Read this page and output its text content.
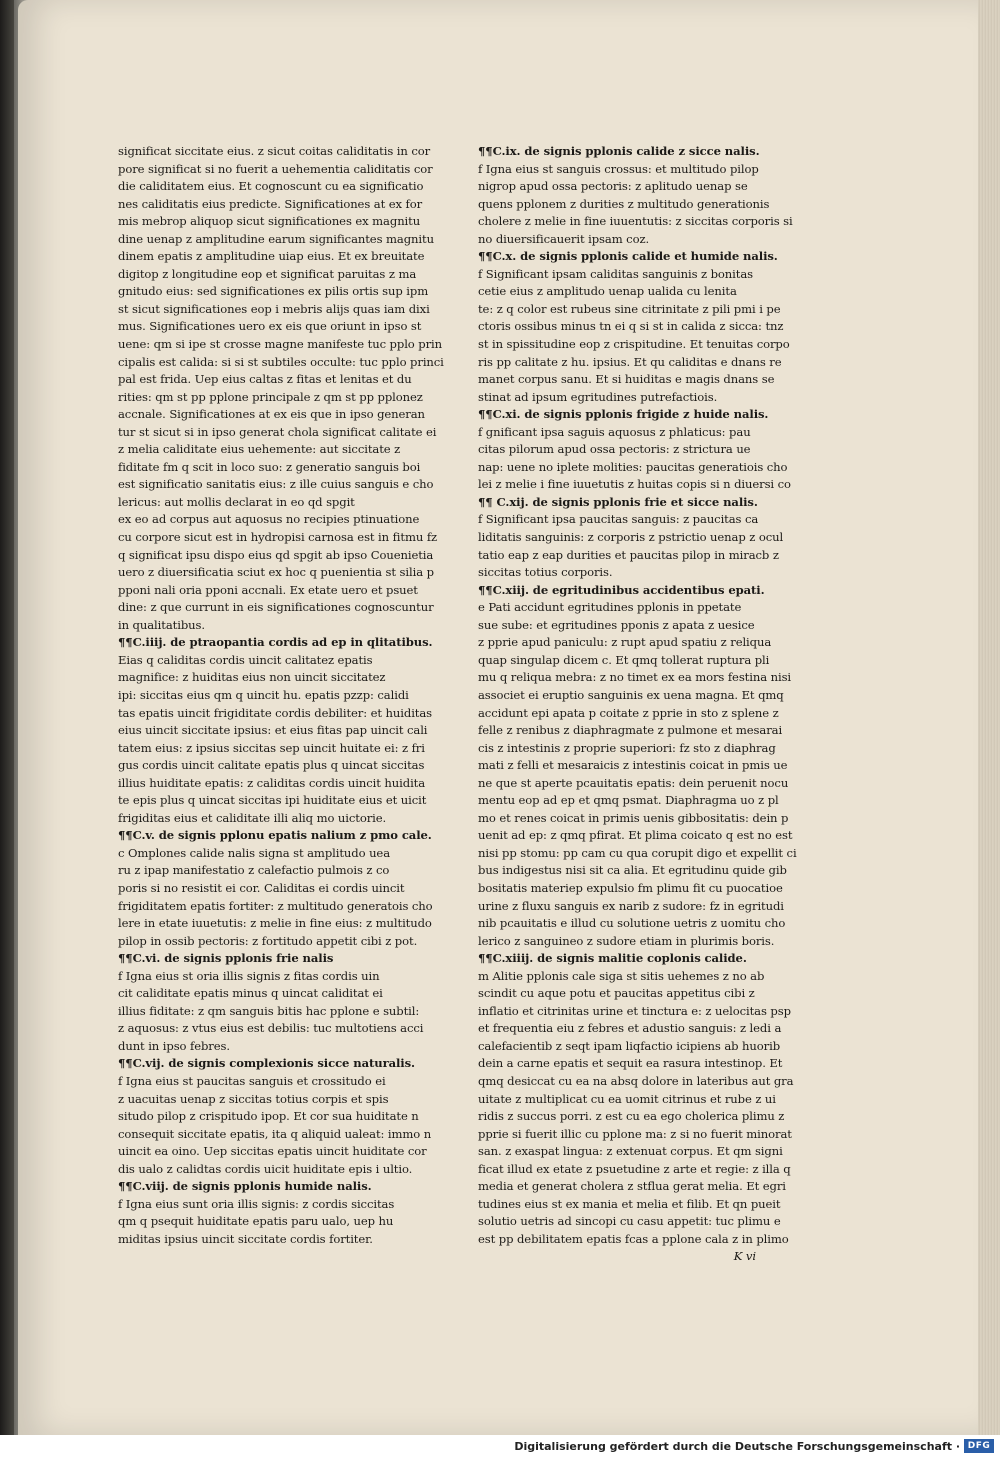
significat siccitate eius. z sicut coitas caliditatis in cor
pore significat si no fuerit a uehementia caliditatis cor
die caliditatem eius. Et cognoscunt cu ea significatio
nes caliditatis eius predicte. Significationes at ex for
mis mebrop aliquop sicut significationes ex magnitu
dine uenap z amplitudine earum significantes magnitu
dinem epatis z amplitudine uiap eius. Et ex breuitate
digitop z longitudine eop et significat paruitas z ma
gnitudo eius: sed significationes ex pilis ortis sup ipm
st sicut significationes eop i mebris alijs quas iam dixi
mus. Significationes uero ex eis que oriunt in ipso st
uene: qm si ipe st crosse magne manifeste tuc pplo prin
cipalis est calida: si si st subtiles occulte: tuc pplo princi
pal est frida. Uep eius caltas z fitas et lenitas et du
rities: qm st pp pplone principale z qm st pp pplonez
accnale. Significationes at ex eis que in ipso generan
tur st sicut si in ipso generat chola significat calitate ei
z melia caliditate eius uehemente: aut siccitate z
fiditate fm q scit in loco suo: z generatio sanguis boi
est significatio sanitatis eius: z ille cuius sanguis e cho
lericus: aut mollis declarat in eo qd spgit
ex eo ad corpus aut aquosus no recipies ptinuatione
cu corpore sicut est in hydropisi carnosa est in fitmu fz
q significat ipsu dispo eius qd spgit ab ipso Couenietia
uero z diuersificatia sciut ex hoc q puenientia st silia p
pponi nali oria pponi accnali. Ex etate uero et psuet
dine: z que currunt in eis significationes cognoscuntur
in qualitatibus.
¶¶ C.iiij. de ptraopantia cordis ad ep in qlitatibus.
Eias q caliditas cordis uincit calitatez epatis
magnifice: z huiditas eius non uincit siccitatez
ipi: siccitas eius qm q uincit hu. epatis pzzp: calidi
tas epatis uincit frigiditate cordis debiliter: et huiditas
eius uincit siccitate ipsius: et eius fitas pap uincit cali
tatem eius: z ipsius siccitas sep uincit huitate ei: z fri
gus cordis uincit calitate epatis plus q uincat siccitas
illius huiditate epatis: z caliditas cordis uincit huidita
te epis plus q uincat siccitas ipi huiditate eius et uicit
frigiditas eius et caliditate illi aliq mo uictorie.
¶¶ C.v. de signis pplonu epatis nalium z pmo cale.
c Omplones calide nalis signa st amplitudo uea
ru z ipap manifestatio z calefactio pulmois z co
poris si no resistit ei cor. Caliditas ei cordis uincit
frigiditatem epatis fortiter: z multitudo generatois cho
lere in etate iuuetutis: z melie in fine eius: z multitudo
pilop in ossib pectoris: z fortitudo appetit cibi z pot.
¶¶ C.vi. de signis pplonis frie nalis
f Igna eius st oria illis signis z fitas cordis uin
cit caliditate epatis minus q uincat caliditat ei
illius fiditate: z qm sanguis bitis hac pplone e subtil:
z aquosus: z vtus eius est debilis: tuc multotiens acci
dunt in ipso febres.
¶¶ C.vij. de signis complexionis sicce naturalis.
f Igna eius st paucitas sanguis et crossitudo ei
z uacuitas uenap z siccitas totius corpis et spis
situdo pilop z crispitudo ipop. Et cor sua huiditate n
consequit siccitate epatis, ita q aliquid ualeat: immo n
uincit ea oino. Uep siccitas epatis uincit huiditate cor
dis ualo z calidtas cordis uicit huiditate epis i ultio.
¶¶ C.viij. de signis pplonis humide nalis.
f Igna eius sunt oria illis signis: z cordis siccitas
qm q psequit huiditate epatis paru ualo, uep hu
miditas ipsius uincit siccitate cordis fortiter.
¶¶ C.ix. de signis pplonis calide z sicce nalis.
f Igna eius st sanguis crossus: et multitudo pilop
nigrop apud ossa pectoris: z aplitudo uenap se
quens pplonem z durities z multitudo generationis
cholere z melie in fine iuuentutis: z siccitas corporis si
no diuersificauerit ipsam coz.
¶¶ C.x. de signis pplonis calide et humide nalis.
f Significant ipsam caliditas sanguinis z bonitas
cetie eius z amplitudo uenap ualida cu lenita
te: z q color est rubeus sine citrinitate z pili pmi i pe
ctoris ossibus minus tn ei q si st in calida z sicca: tnz
st in spissitudine eop z crispitudine. Et tenuitas corpo
ris pp calitate z hu. ipsius. Et qu caliditas e dnans re
manet corpus sanu. Et si huiditas e magis dnans se
stinat ad ipsum egritudines putrefactiois.
¶¶ C.xi. de signis pplonis frigide z huide nalis.
f gnificant ipsa saguis aquosus z phlaticus: pau
citas pilorum apud ossa pectoris: z strictura ue
nap: uene no iplete molities: paucitas generatiois cho
lei z melie i fine iuuetutis z huitas copis si n diuersi co
¶¶ C.xij. de signis pplonis frie et sicce nalis.
f Significant ipsa paucitas sanguis: z paucitas ca
liditatis sanguinis: z corporis z pstrictio uenap z ocul
tatio eap z eap durities et paucitas pilop in miracb z
siccitas totius corporis.
¶¶ C.xiij. de egritudinibus accidentibus epati.
e Pati accidunt egritudines pplonis in ppetate
sue sube: et egritudines pponis z apata z uesice
z pprie apud paniculu: z rupt apud spatiu z reliqua
quap singulap dicem c. Et qmq tollerat ruptura pli
mu q reliqua mebra: z no timet ex ea mors festina nisi
associet ei eruptio sanguinis ex uena magna. Et qmq
accidunt epi apata p coitate z pprie in sto z splene z
felle z renibus z diaphragmate z pulmone et mesarai
cis z intestinis z proprie superiori: fz sto z diaphrag
mati z felli et mesaraicis z intestinis coicat in pmis ue
ne que st aperte pcauitatis epatis: dein peruenit nocu
mentu eop ad ep et qmq psmat. Diaphragma uo z pl
mo et renes coicat in primis uenis gibbositatis: dein p
uenit ad ep: z qmq pfirat. Et plima coicato q est no est
nisi pp stomu: pp cam cu qua corupit digo et expellit ci
bus indigestus nisi sit ca alia. Et egritudinu quide gib
bositatis materiep expulsio fm plimu fit cu puocatioe
urine z fluxu sanguis ex narib z sudore: fz in egritudi
nib pcauitatis e illud cu solutione uetris z uomitu cho
lerico z sanguineo z sudore etiam in plurimis boris.
¶¶ C.xiiij. de signis malitie coplonis calide.
m Alitie pplonis cale siga st sitis uehemes z no ab
scindit cu aque potu et paucitas appetitus cibi z
inflatio et citrinitas urine et tinctura e: z uelocitas psp
et frequentia eiu z febres et adustio sanguis: z ledi a
calefacientib z seqt ipam liqfactio icipiens ab huorib
dein a carne epatis et sequit ea rasura intestinop. Et
qmq desiccat cu ea na absq dolore in lateribus aut gra
uitate z multiplicat cu ea uomit citrinus et rube z ui
ridis z succus porri. z est cu ea ego cholerica plimu z
pprie si fuerit illic cu pplone ma: z si no fuerit minorat
san. z exaspat lingua: z extenuat corpus. Et qm signi
ficat illud ex etate z psuetudine z arte et regie: z illa q
media et generat cholera z stflua gerat melia. Et egri
tudines eius st ex mania et melia et filib. Et qn pueit
solutio uetris ad sincopi cu casu appetit: tuc plimu e
est pp debilitatem epatis fcas a pplone cala z in plimo
K vi
Digitalisierung gefördert durch die Deutsche Forschungsgemeinschaft · DFG
